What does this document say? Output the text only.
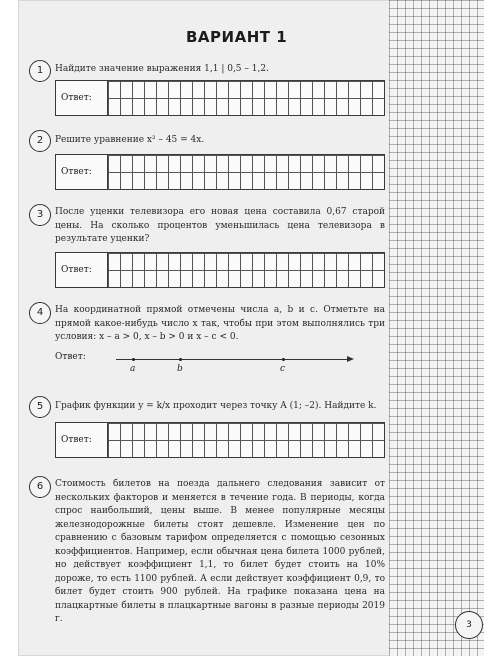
ВАРИАНТ 1
1	Найдите значение выражения 1,1 | 0,5 – 1,2.
Ответ:
2	Решите уравнение x² – 45 = 4x.
Ответ:
3	После уценки телевизора его новая цена составила 0,67 старой цены. На сколько процентов уменьшилась цена телевизора в результате уценки?
Ответ:
4	На координатной прямой отмечены числа a, b и c. Отметьте на прямой какое-нибудь число x так, чтобы при этом выполнялись три условия: x – a > 0, x – b > 0 и x – c < 0.
Ответ:
a	b	c
5	График функции y = k/x проходит через точку A (1; –2). Найдите k.
Ответ:
6	Стоимость билетов на поезда дальнего следования зависит от нескольких факторов и меняется в течение года. В периоды, когда спрос наибольший, цены выше. В менее популярные месяцы железнодорожные билеты стоят дешевле. Изменение цен по сравнению с базовым тарифом определяется с помощью сезонных коэффициентов. Например, если обычная цена билета 1000 рублей, но действует коэффициент 1,1, то билет будет стоить на 10% дороже, то есть 1100 рублей. А если действует коэффициент 0,9, то билет будет стоить 900 рублей. На графике показана цена на плацкартные билеты в плацкартные вагоны в разные периоды 2019 г.
3
